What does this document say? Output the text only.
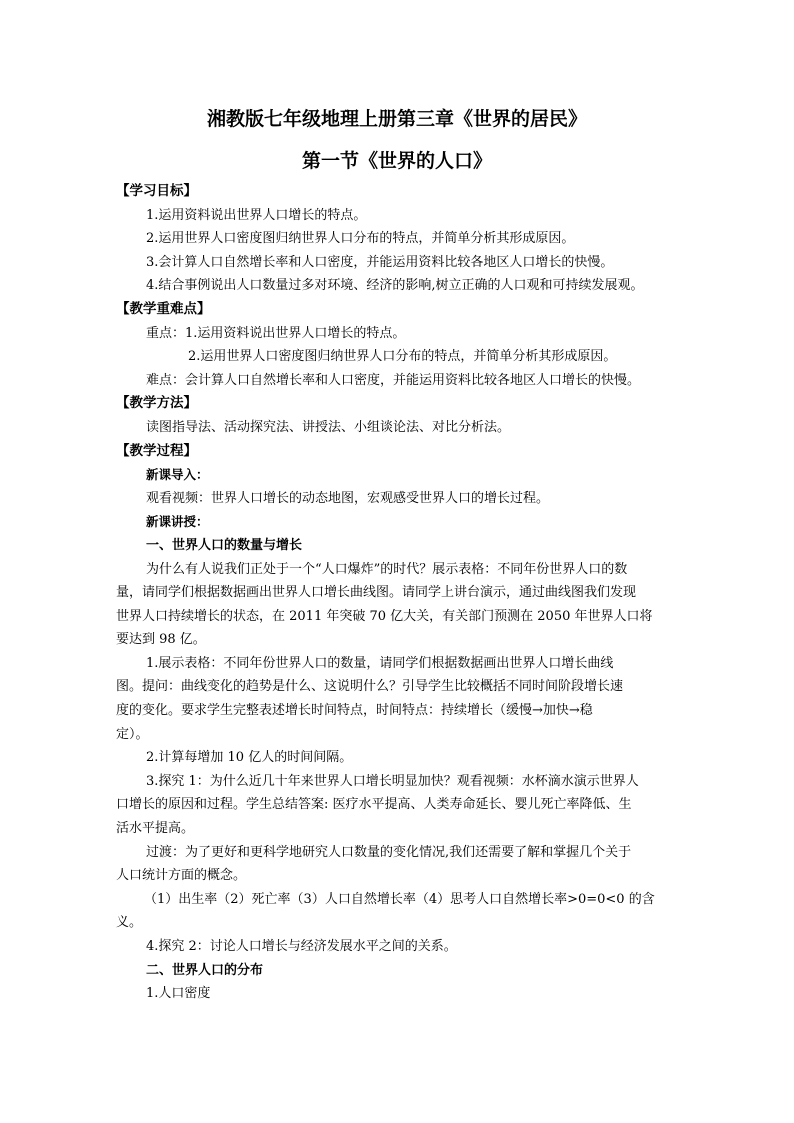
湘教版七年级地理上册第三章《世界的居民》
第一节《世界的人口》
【学习目标】
1.运用资料说出世界人口增长的特点。
2.运用世界人口密度图归纳世界人口分布的特点，并简单分析其形成原因。
3.会计算人口自然增长率和人口密度，并能运用资料比较各地区人口增长的快慢。
4.结合事例说出人口数量过多对环境、经济的影响,树立正确的人口观和可持续发展观。
【教学重难点】
重点：1.运用资料说出世界人口增长的特点。
2.运用世界人口密度图归纳世界人口分布的特点，并简单分析其形成原因。
难点：会计算人口自然增长率和人口密度，并能运用资料比较各地区人口增长的快慢。
【教学方法】
读图指导法、活动探究法、讲授法、小组谈论法、对比分析法。
【教学过程】
新课导入：
观看视频：世界人口增长的动态地图，宏观感受世界人口的增长过程。
新课讲授：
一、世界人口的数量与增长
为什么有人说我们正处于一个“人口爆炸”的时代？展示表格：不同年份世界人口的数
量，请同学们根据数据画出世界人口增长曲线图。请同学上讲台演示，通过曲线图我们发现
世界人口持续增长的状态，在 2011 年突破 70 亿大关，有关部门预测在 2050 年世界人口将
要达到 98 亿。
1.展示表格：不同年份世界人口的数量，请同学们根据数据画出世界人口增长曲线
图。提问：曲线变化的趋势是什么、这说明什么？引导学生比较概括不同时间阶段增长速
度的变化。要求学生完整表述增长时间特点，时间特点：持续增长（缓慢→加快→稳
定）。
2.计算每增加 10 亿人的时间间隔。
3.探究 1：为什么近几十年来世界人口增长明显加快？观看视频：水杯滴水演示世界人
口增长的原因和过程。学生总结答案: 医疗水平提高、人类寿命延长、婴儿死亡率降低、生
活水平提高。
过渡：为了更好和更科学地研究人口数量的变化情况,我们还需要了解和掌握几个关于
人口统计方面的概念。
（1）出生率（2）死亡率（3）人口自然增长率（4）思考人口自然增长率>0=0<0 的含
义。
4.探究 2：讨论人口增长与经济发展水平之间的关系。
二、世界人口的分布
1.人口密度
